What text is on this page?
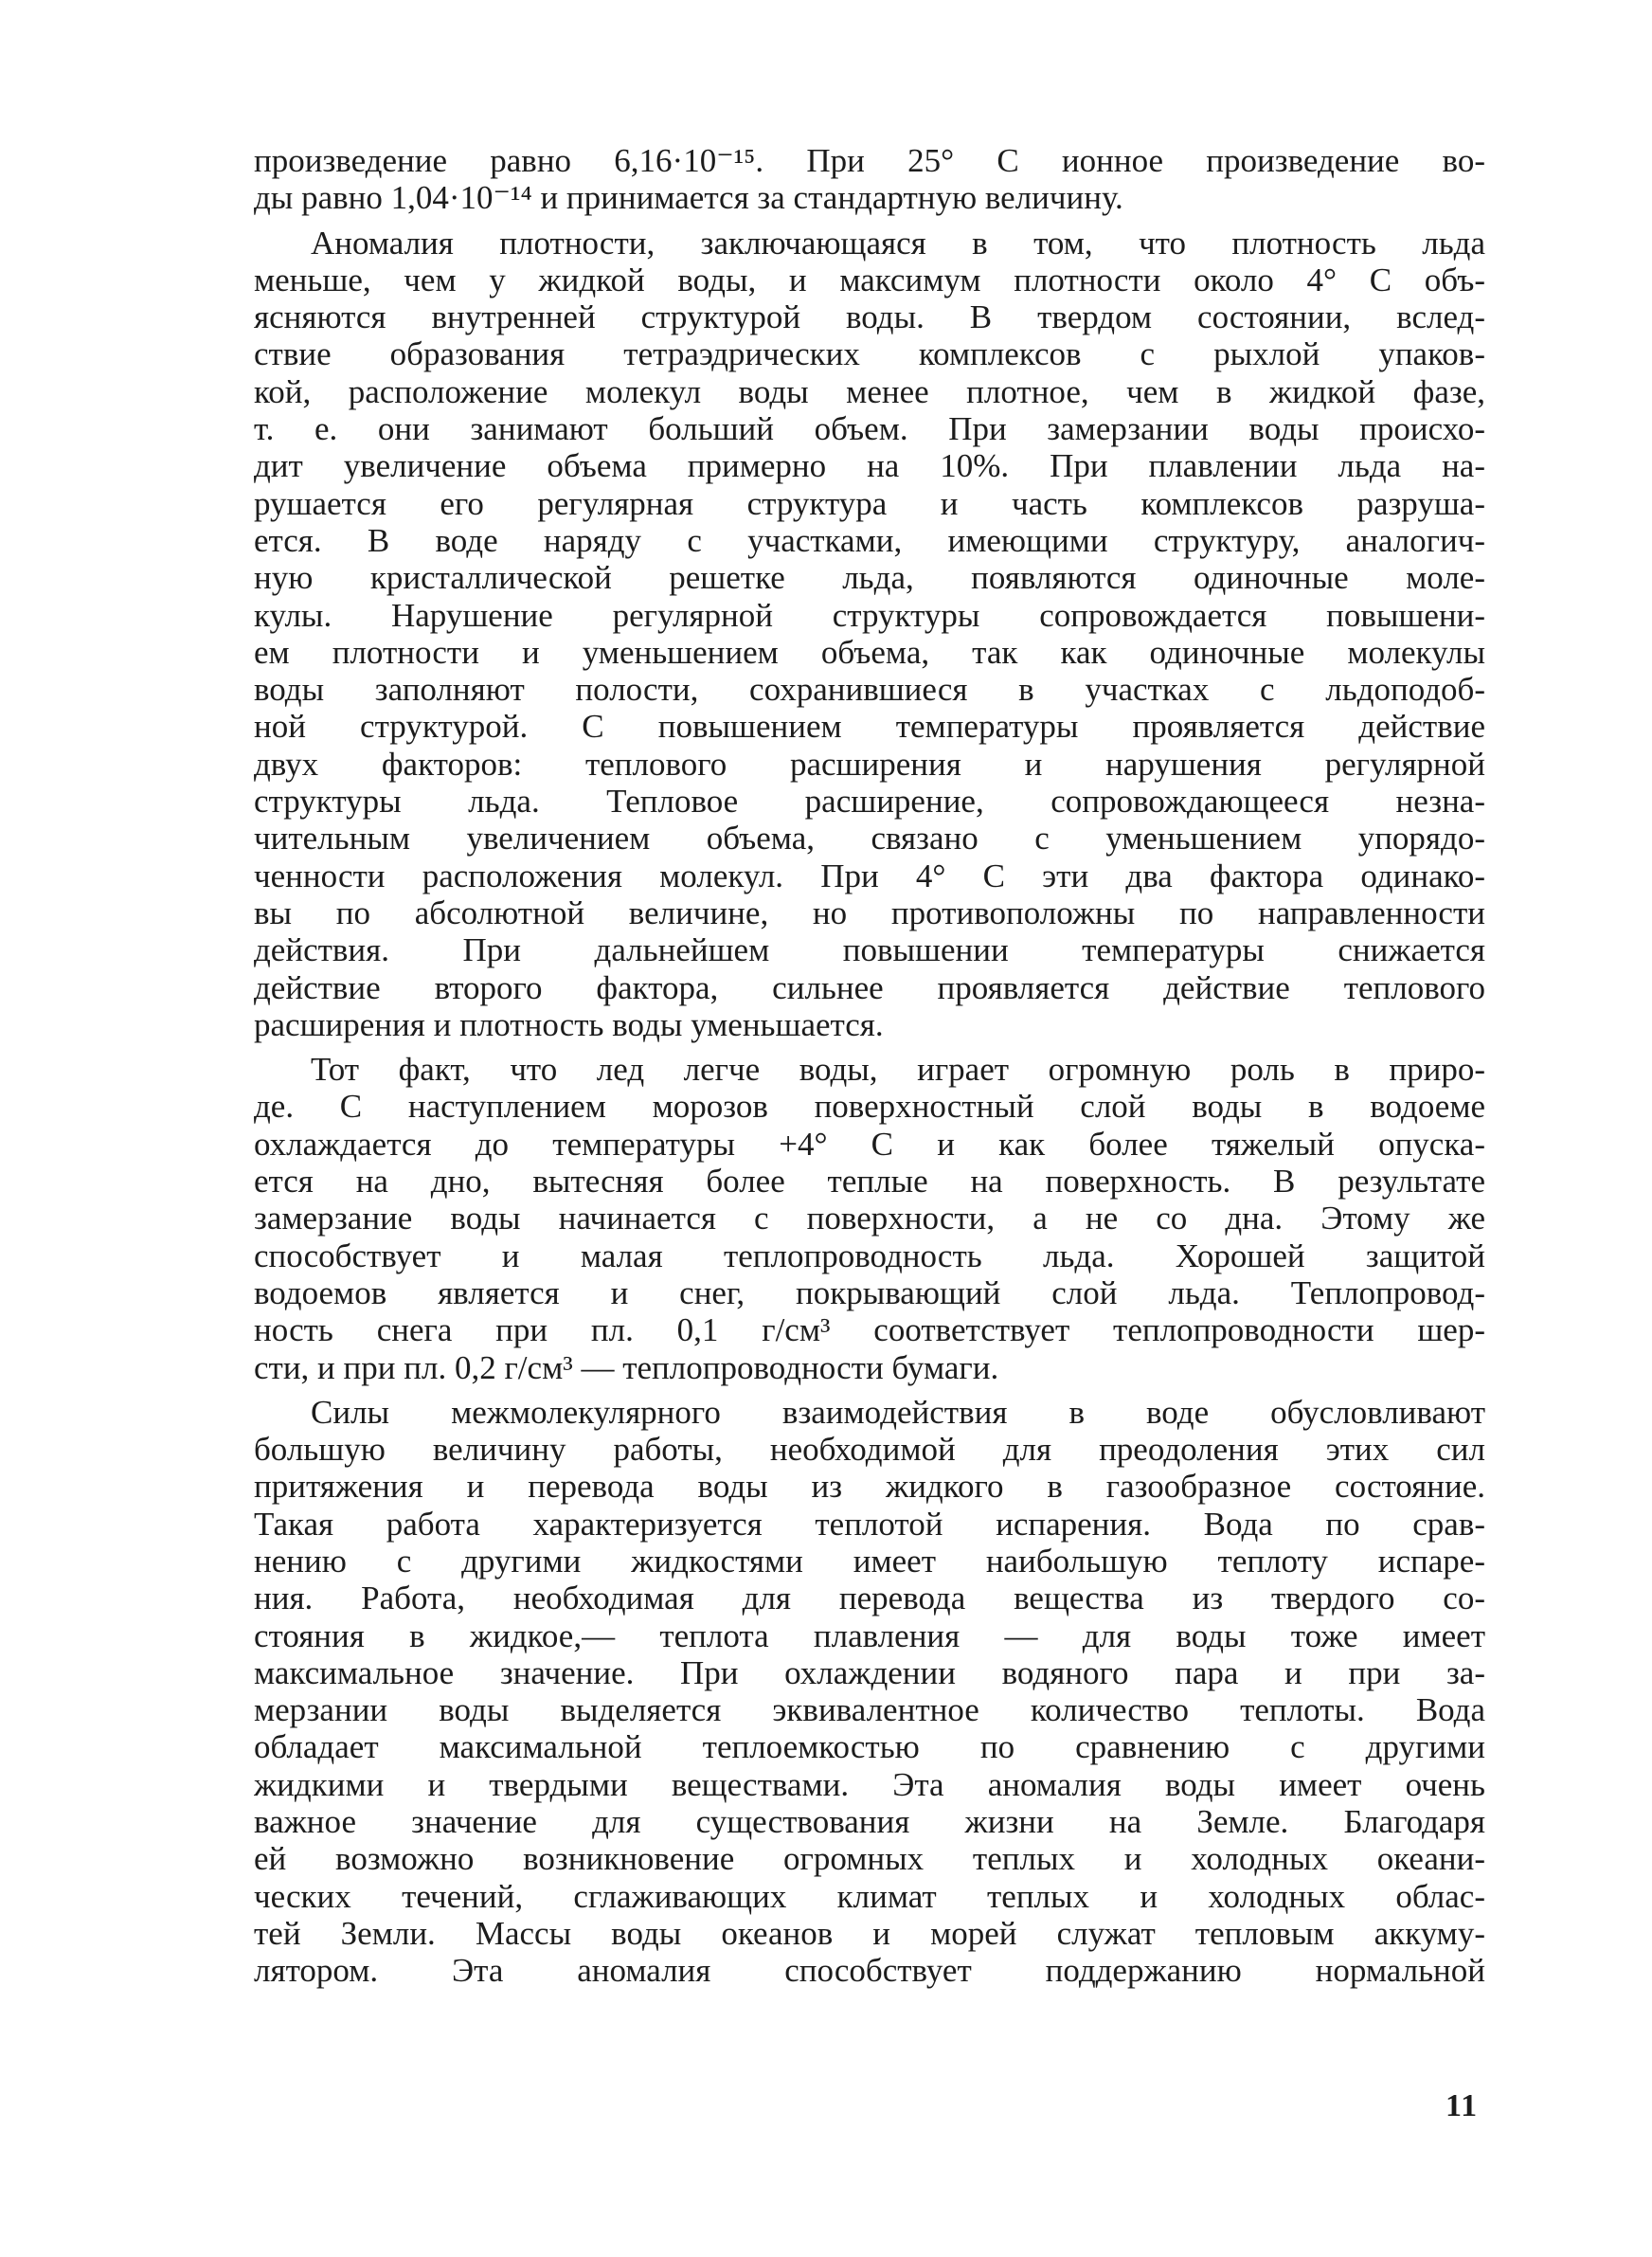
произведение равно 6,16·10⁻¹⁵. При 25° С ионное произведение во-
ды равно 1,04·10⁻¹⁴ и принимается за стандартную величину.
Аномалия плотности, заключающаяся в том, что плотность льда
меньше, чем у жидкой воды, и максимум плотности около 4° С объ-
ясняются внутренней структурой воды. В твердом состоянии, вслед-
ствие образования тетраэдрических комплексов с рыхлой упаков-
кой, расположение молекул воды менее плотное, чем в жидкой фазе,
т. е. они занимают больший объем. При замерзании воды происхо-
дит увеличение объема примерно на 10%. При плавлении льда на-
рушается его регулярная структура и часть комплексов разруша-
ется. В воде наряду с участками, имеющими структуру, аналогич-
ную кристаллической решетке льда, появляются одиночные моле-
кулы. Нарушение регулярной структуры сопровождается повышени-
ем плотности и уменьшением объема, так как одиночные молекулы
воды заполняют полости, сохранившиеся в участках с льдоподоб-
ной структурой. С повышением температуры проявляется действие
двух факторов: теплового расширения и нарушения регулярной
структуры льда. Тепловое расширение, сопровождающееся незна-
чительным увеличением объема, связано с уменьшением упорядо-
ченности расположения молекул. При 4° С эти два фактора одинако-
вы по абсолютной величине, но противоположны по направленности
действия. При дальнейшем повышении температуры снижается
действие второго фактора, сильнее проявляется действие теплового
расширения и плотность воды уменьшается.
Тот факт, что лед легче воды, играет огромную роль в приро-
де. С наступлением морозов поверхностный слой воды в водоеме
охлаждается до температуры +4° С и как более тяжелый опуска-
ется на дно, вытесняя более теплые на поверхность. В результате
замерзание воды начинается с поверхности, а не со дна. Этому же
способствует и малая теплопроводность льда. Хорошей защитой
водоемов является и снег, покрывающий слой льда. Теплопровод-
ность снега при пл. 0,1 г/см³ соответствует теплопроводности шер-
сти, и при пл. 0,2 г/см³ — теплопроводности бумаги.
Силы межмолекулярного взаимодействия в воде обусловливают
большую величину работы, необходимой для преодоления этих сил
притяжения и перевода воды из жидкого в газообразное состояние.
Такая работа характеризуется теплотой испарения. Вода по срав-
нению с другими жидкостями имеет наибольшую теплоту испаре-
ния. Работа, необходимая для перевода вещества из твердого со-
стояния в жидкое,— теплота плавления — для воды тоже имеет
максимальное значение. При охлаждении водяного пара и при за-
мерзании воды выделяется эквивалентное количество теплоты. Вода
обладает максимальной теплоемкостью по сравнению с другими
жидкими и твердыми веществами. Эта аномалия воды имеет очень
важное значение для существования жизни на Земле. Благодаря
ей возможно возникновение огромных теплых и холодных океани-
ческих течений, сглаживающих климат теплых и холодных облас-
тей Земли. Массы воды океанов и морей служат тепловым аккуму-
лятором. Эта аномалия способствует поддержанию нормальной
11
